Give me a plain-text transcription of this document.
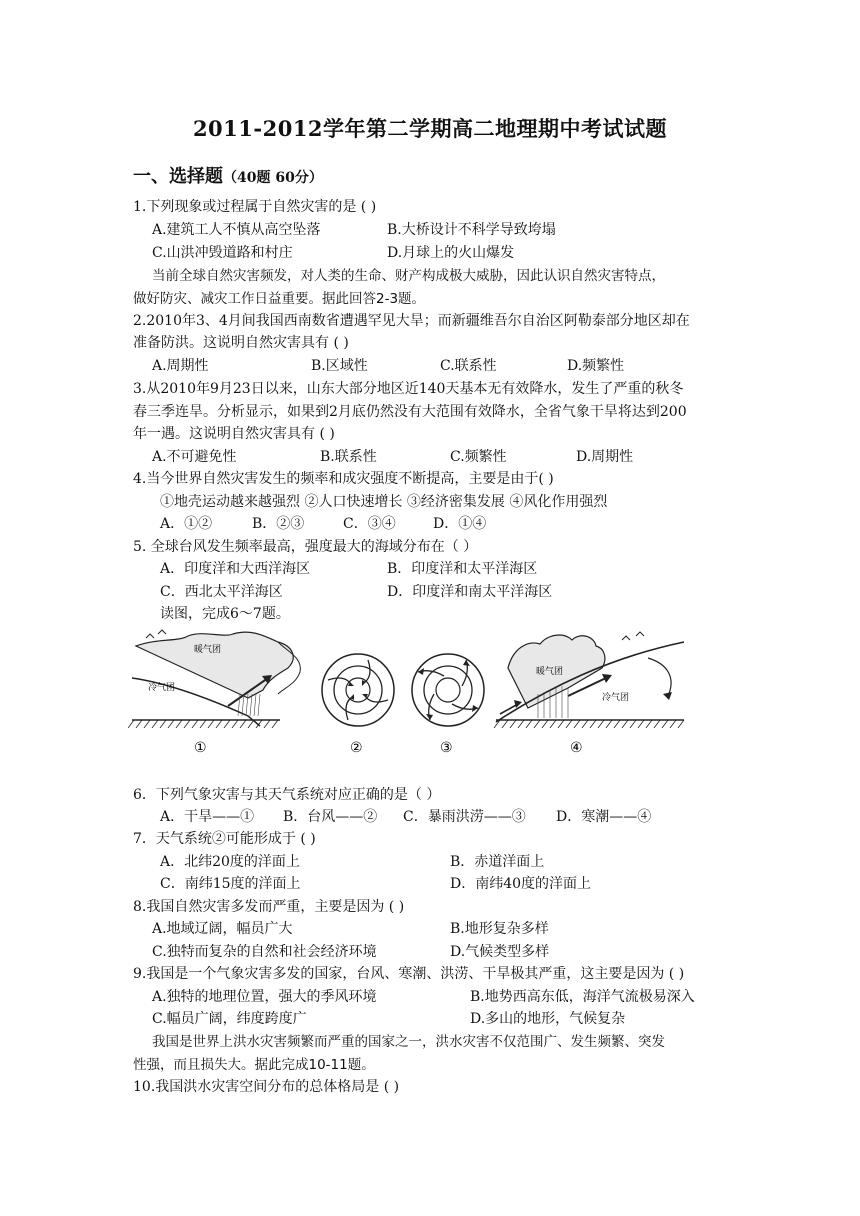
2011-2012学年第二学期高二地理期中考试试题
一、选择题（40题 60分）
1.下列现象或过程属于自然灾害的是 ( )
A.建筑工人不慎从高空坠落	B.大桥设计不科学导致垮塌
C.山洪冲毁道路和村庄	D.月球上的火山爆发
当前全球自然灾害频发，对人类的生命、财产构成极大威胁，因此认识自然灾害特点，
做好防灾、减灾工作日益重要。据此回答2-3题。
2.2010年3、4月间我国西南数省遭遇罕见大旱；而新疆维吾尔自治区阿勒泰部分地区却在
准备防洪。这说明自然灾害具有 ( )
A.周期性	B.区域性	C.联系性	D.频繁性
3.从2010年9月23日以来，山东大部分地区近140天基本无有效降水，发生了严重的秋冬
春三季连旱。分析显示，如果到2月底仍然没有大范围有效降水，全省气象干旱将达到200
年一遇。这说明自然灾害具有 ( )
A.不可避免性	B.联系性	C.频繁性	D.周期性
4.当今世界自然灾害发生的频率和成灾强度不断提高，主要是由于( )
①地壳运动越来越强烈 ②人口快速增长 ③经济密集发展 ④风化作用强烈
A．①②	B．②③	C．③④	D．①④
5. 全球台风发生频率最高，强度最大的海域分布在（ ）
A．印度洋和大西洋海区	B．印度洋和太平洋海区
C．西北太平洋海区	D．印度洋和南太平洋海区
读图，完成6～7题。
暖气团
冷气团
暖气团
冷气团
①	②	③	④
6．下列气象灾害与其天气系统对应正确的是（ ）
A．干旱——① B．台风——② C．暴雨洪涝——③ D．寒潮——④
7．天气系统②可能形成于 ( )
A．北纬20度的洋面上	B．赤道洋面上
C．南纬15度的洋面上	D．南纬40度的洋面上
8.我国自然灾害多发而严重，主要是因为 ( )
A.地域辽阔，幅员广大	B.地形复杂多样
C.独特而复杂的自然和社会经济环境	D.气候类型多样
9.我国是一个气象灾害多发的国家，台风、寒潮、洪涝、干旱极其严重，这主要是因为 ( )
A.独特的地理位置，强大的季风环境	B.地势西高东低，海洋气流极易深入
C.幅员广阔，纬度跨度广	D.多山的地形，气候复杂
我国是世界上洪水灾害频繁而严重的国家之一，洪水灾害不仅范围广、发生频繁、突发
性强，而且损失大。据此完成10-11题。
10.我国洪水灾害空间分布的总体格局是 ( )
